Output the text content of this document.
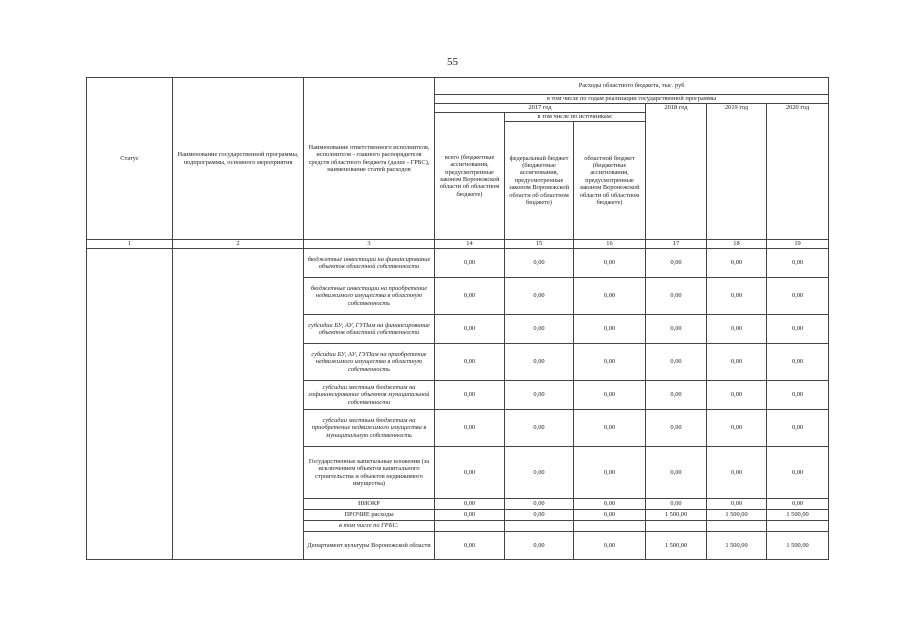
55
Статус	Наименование государственной программы, подпрограммы, основного мероприятия	Наименование ответственного исполнителя, исполнителя - главного распорядителя средств областного бюджета (далее - ГРБС), наименование статей расходов	Расходы областного бюджета, тыс. руб					
			в том числе по годам реализации государственной программы					
			2017 год			2018 год	2019 год	2020 год
			всего (бюджетные ассигнования, предусмотренные законом Воронежской области об областном бюджете)	в том числе по источникам:				
				федеральный бюджет (бюджетные ассигнования, предусмотренные законом Воронежской области об областном бюджете)	областной бюджет (бюджетные ассигнования, предусмотренные законом Воронежской области об областном бюджете)			
1	2	3	14	15	16	17	18	19
		бюджетные инвестиции на финансирование объектов областной собственности	0,00	0,00	0,00	0,00	0,00	0,00
		бюджетные инвестиции на приобретение недвижимого имущества в областную собственность	0,00	0,00	0,00	0,00	0,00	0,00
		субсидии БУ, АУ, ГУПам на финансирование объектов областной собственности	0,00	0,00	0,00	0,00	0,00	0,00
		субсидии БУ, АУ, ГУПам на приобретение недвижимого имущества в областную собственность	0,00	0,00	0,00	0,00	0,00	0,00
		субсидии местным бюджетам на софинансирование объектов муниципальной собственности	0,00	0,00	0,00	0,00	0,00	0,00
		субсидии местным бюджетам на приобретение недвижимого имущества в муниципальную собственность	0,00	0,00	0,00	0,00	0,00	0,00
		Государственные капитальные вложения (за исключением объектов капитального строительства и объектов недвижимого имущества)	0,00	0,00	0,00	0,00	0,00	0,00
		НИОКР	0,00	0,00	0,00	0,00	0,00	0,00
		ПРОЧИЕ расходы	0,00	0,00	0,00	1 500,00	1 500,00	1 500,00
		в том числе по ГРБС:						
		Департамент культуры Воронежской области	0,00	0,00	0,00	1 500,00	1 500,00	1 500,00
